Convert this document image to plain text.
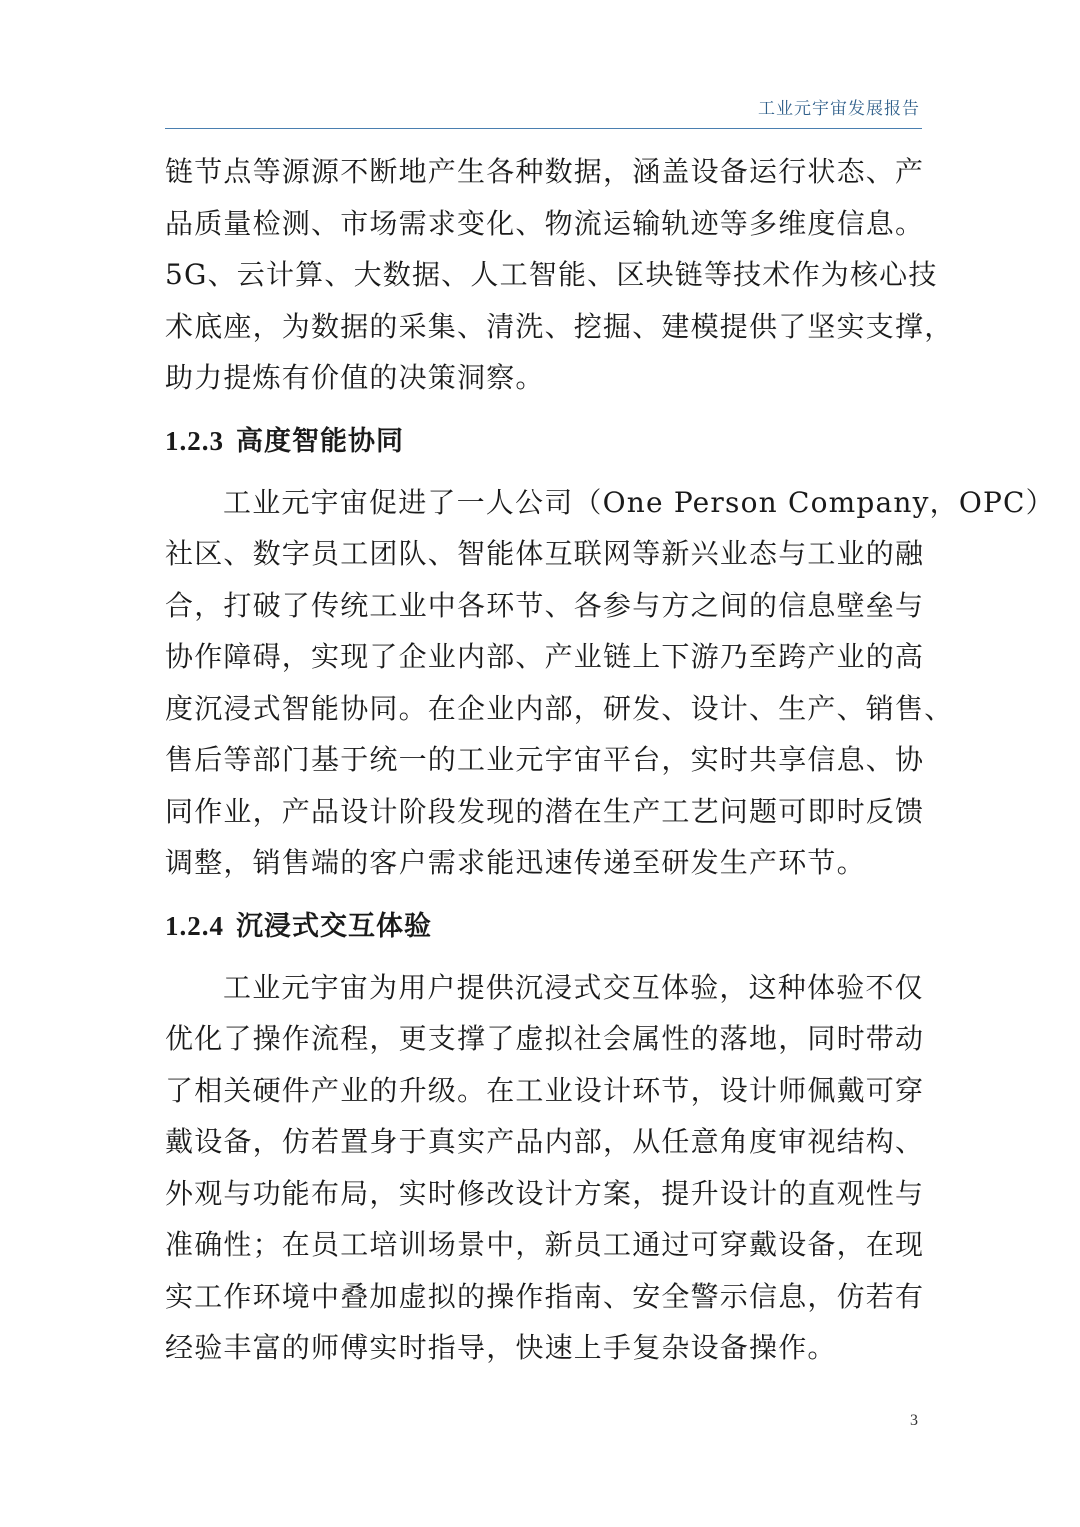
工业元宇宙发展报告

链节点等源源不断地产生各种数据，涵盖设备运行状态、产
品质量检测、市场需求变化、物流运输轨迹等多维度信息。
5G、云计算、大数据、人工智能、区块链等技术作为核心技
术底座，为数据的采集、清洗、挖掘、建模提供了坚实支撑，
助力提炼有价值的决策洞察。

1.2.3 高度智能协同

工业元宇宙促进了一人公司（One Person Company，OPC）
社区、数字员工团队、智能体互联网等新兴业态与工业的融
合，打破了传统工业中各环节、各参与方之间的信息壁垒与
协作障碍，实现了企业内部、产业链上下游乃至跨产业的高
度沉浸式智能协同。在企业内部，研发、设计、生产、销售、
售后等部门基于统一的工业元宇宙平台，实时共享信息、协
同作业，产品设计阶段发现的潜在生产工艺问题可即时反馈
调整，销售端的客户需求能迅速传递至研发生产环节。

1.2.4 沉浸式交互体验

工业元宇宙为用户提供沉浸式交互体验，这种体验不仅
优化了操作流程，更支撑了虚拟社会属性的落地，同时带动
了相关硬件产业的升级。在工业设计环节，设计师佩戴可穿
戴设备，仿若置身于真实产品内部，从任意角度审视结构、
外观与功能布局，实时修改设计方案，提升设计的直观性与
准确性；在员工培训场景中，新员工通过可穿戴设备，在现
实工作环境中叠加虚拟的操作指南、安全警示信息，仿若有
经验丰富的师傅实时指导，快速上手复杂设备操作。

3
